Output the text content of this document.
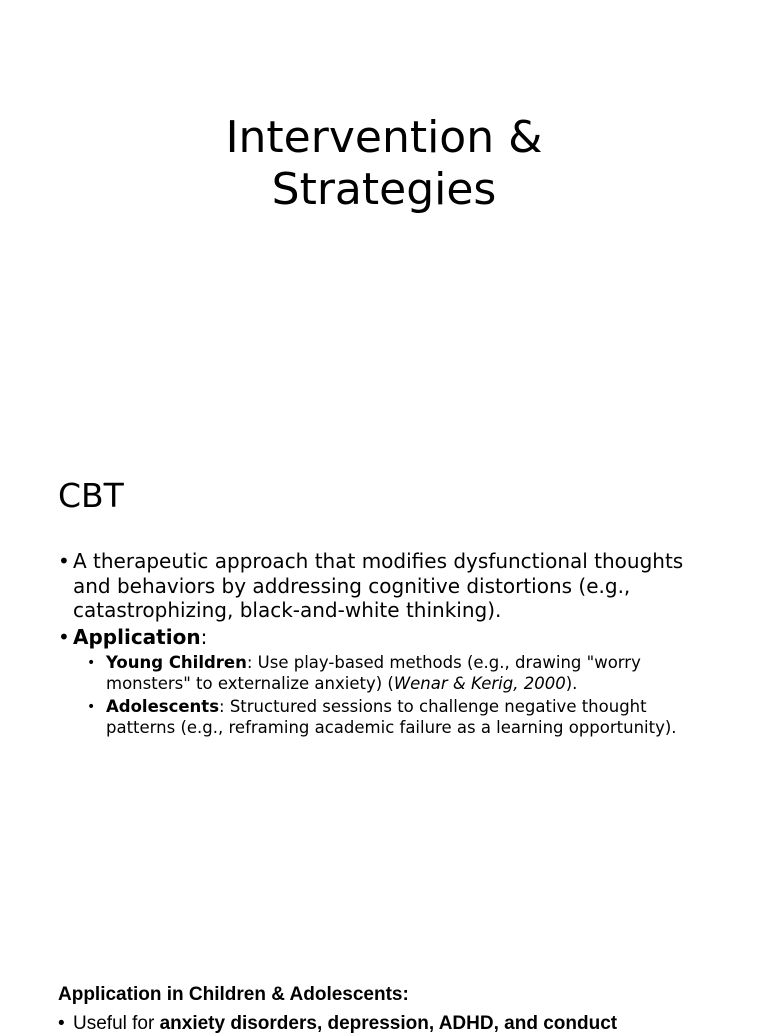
Intervention &
Strategies
CBT
• A therapeutic approach that modifies dysfunctional thoughts and behaviors by addressing cognitive distortions (e.g., catastrophizing, black-and-white thinking).
• Application:
• Young Children: Use play-based methods (e.g., drawing "worry monsters" to externalize anxiety) (Wenar & Kerig, 2000).
• Adolescents: Structured sessions to challenge negative thought patterns (e.g., reframing academic failure as a learning opportunity).

Application in Children & Adolescents:

• Useful for anxiety disorders, depression, ADHD, and conduct
